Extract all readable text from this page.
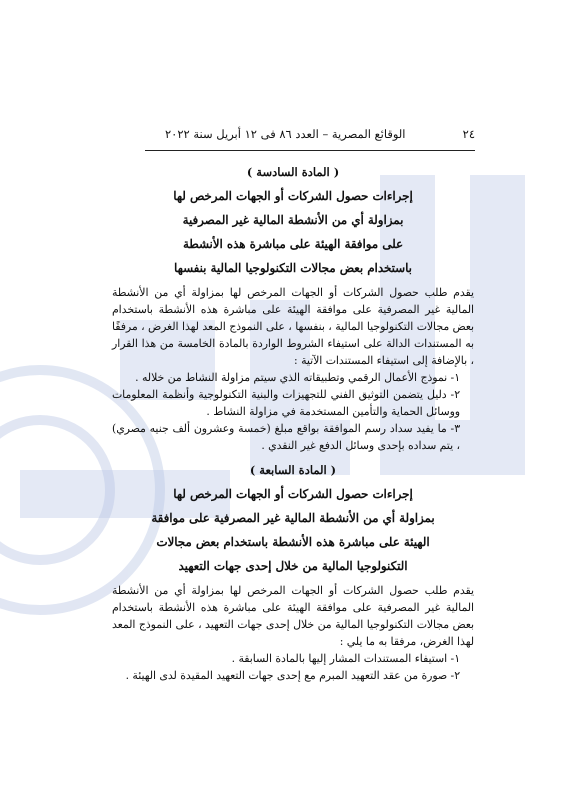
٢٤
الوقائع المصرية – العدد ٨٦ فى ١٢ أبريل سنة ٢٠٢٢
( المادة السادسة )
إجراءات حصول الشركات أو الجهات المرخص لها
بمزاولة أي من الأنشطة المالية غير المصرفية
على موافقة الهيئة على مباشرة هذه الأنشطة
باستخدام بعض مجالات التكنولوجيا المالية بنفسها
يقدم طلب حصول الشركات أو الجهات المرخص لها بمزاولة أي من الأنشطة المالية غير المصرفية على موافقة الهيئة على مباشرة هذه الأنشطة باستخدام بعض مجالات التكنولوجيا المالية ، بنفسها ، على النموذج المعد لهذا الغرض ، مرفقًا به المستندات الدالة على استيفاء الشروط الواردة بالمادة الخامسة من هذا القرار ، بالإضافة إلى استيفاء المستندات الآتية :
١- نموذج الأعمال الرقمي وتطبيقاته الذي سيتم مزاولة النشاط من خلاله .
٢- دليل يتضمن التوثيق الفني للتجهيزات والبنية التكنولوجية وأنظمة المعلومات ووسائل الحماية والتأمين المستخدمة في مزاولة النشاط .
٣- ما يفيد سداد رسم الموافقة بواقع مبلغ (خمسة وعشرون ألف جنيه مصري) ، يتم سداده بإحدى وسائل الدفع غير النقدي .
( المادة السابعة )
إجراءات حصول الشركات أو الجهات المرخص لها
بمزاولة أي من الأنشطة المالية غير المصرفية على موافقة
الهيئة على مباشرة هذه الأنشطة باستخدام بعض مجالات
التكنولوجيا المالية من خلال إحدى جهات التعهيد
يقدم طلب حصول الشركات أو الجهات المرخص لها بمزاولة أي من الأنشطة المالية غير المصرفية على موافقة الهيئة على مباشرة هذه الأنشطة باستخدام بعض مجالات التكنولوجيا المالية من خلال إحدى جهات التعهيد ، على النموذج المعد لهذا الغرض، مرفقا به ما يلي :
١- استيفاء المستندات المشار إليها بالمادة السابقة .
٢- صورة من عقد التعهيد المبرم مع إحدى جهات التعهيد المقيدة لدى الهيئة .
